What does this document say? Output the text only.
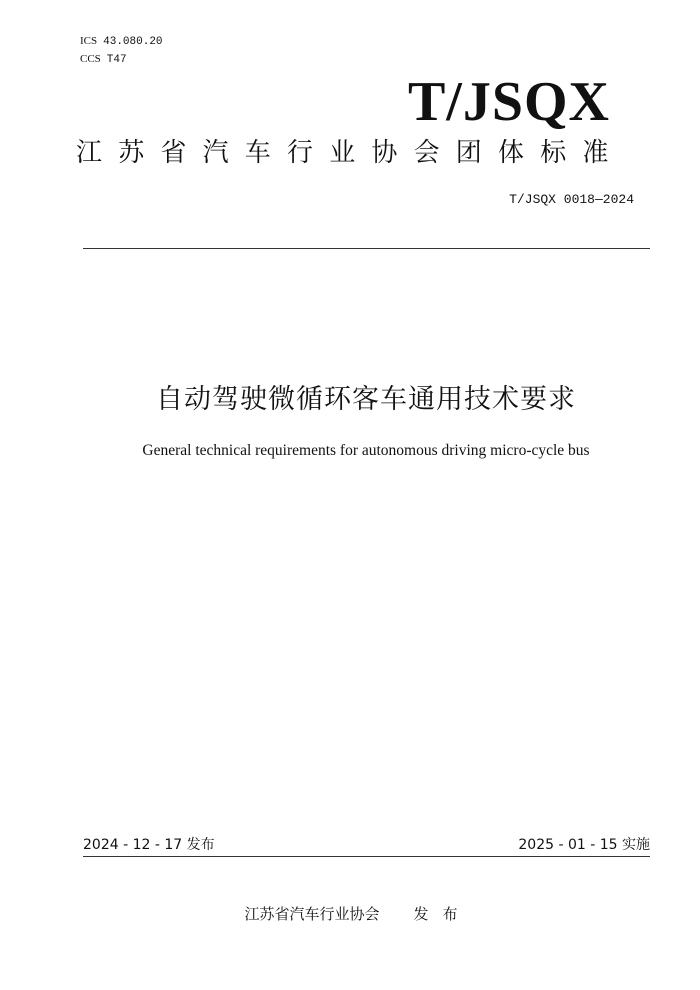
ICS 43.080.20
CCS T47
T/JSQX
江苏省汽车行业协会团体标准
T/JSQX 0018—2024
自动驾驶微循环客车通用技术要求
General technical requirements for autonomous driving micro-cycle bus
2024 - 12 - 17 发布	2025 - 01 - 15 实施
江苏省汽车行业协会 发布
